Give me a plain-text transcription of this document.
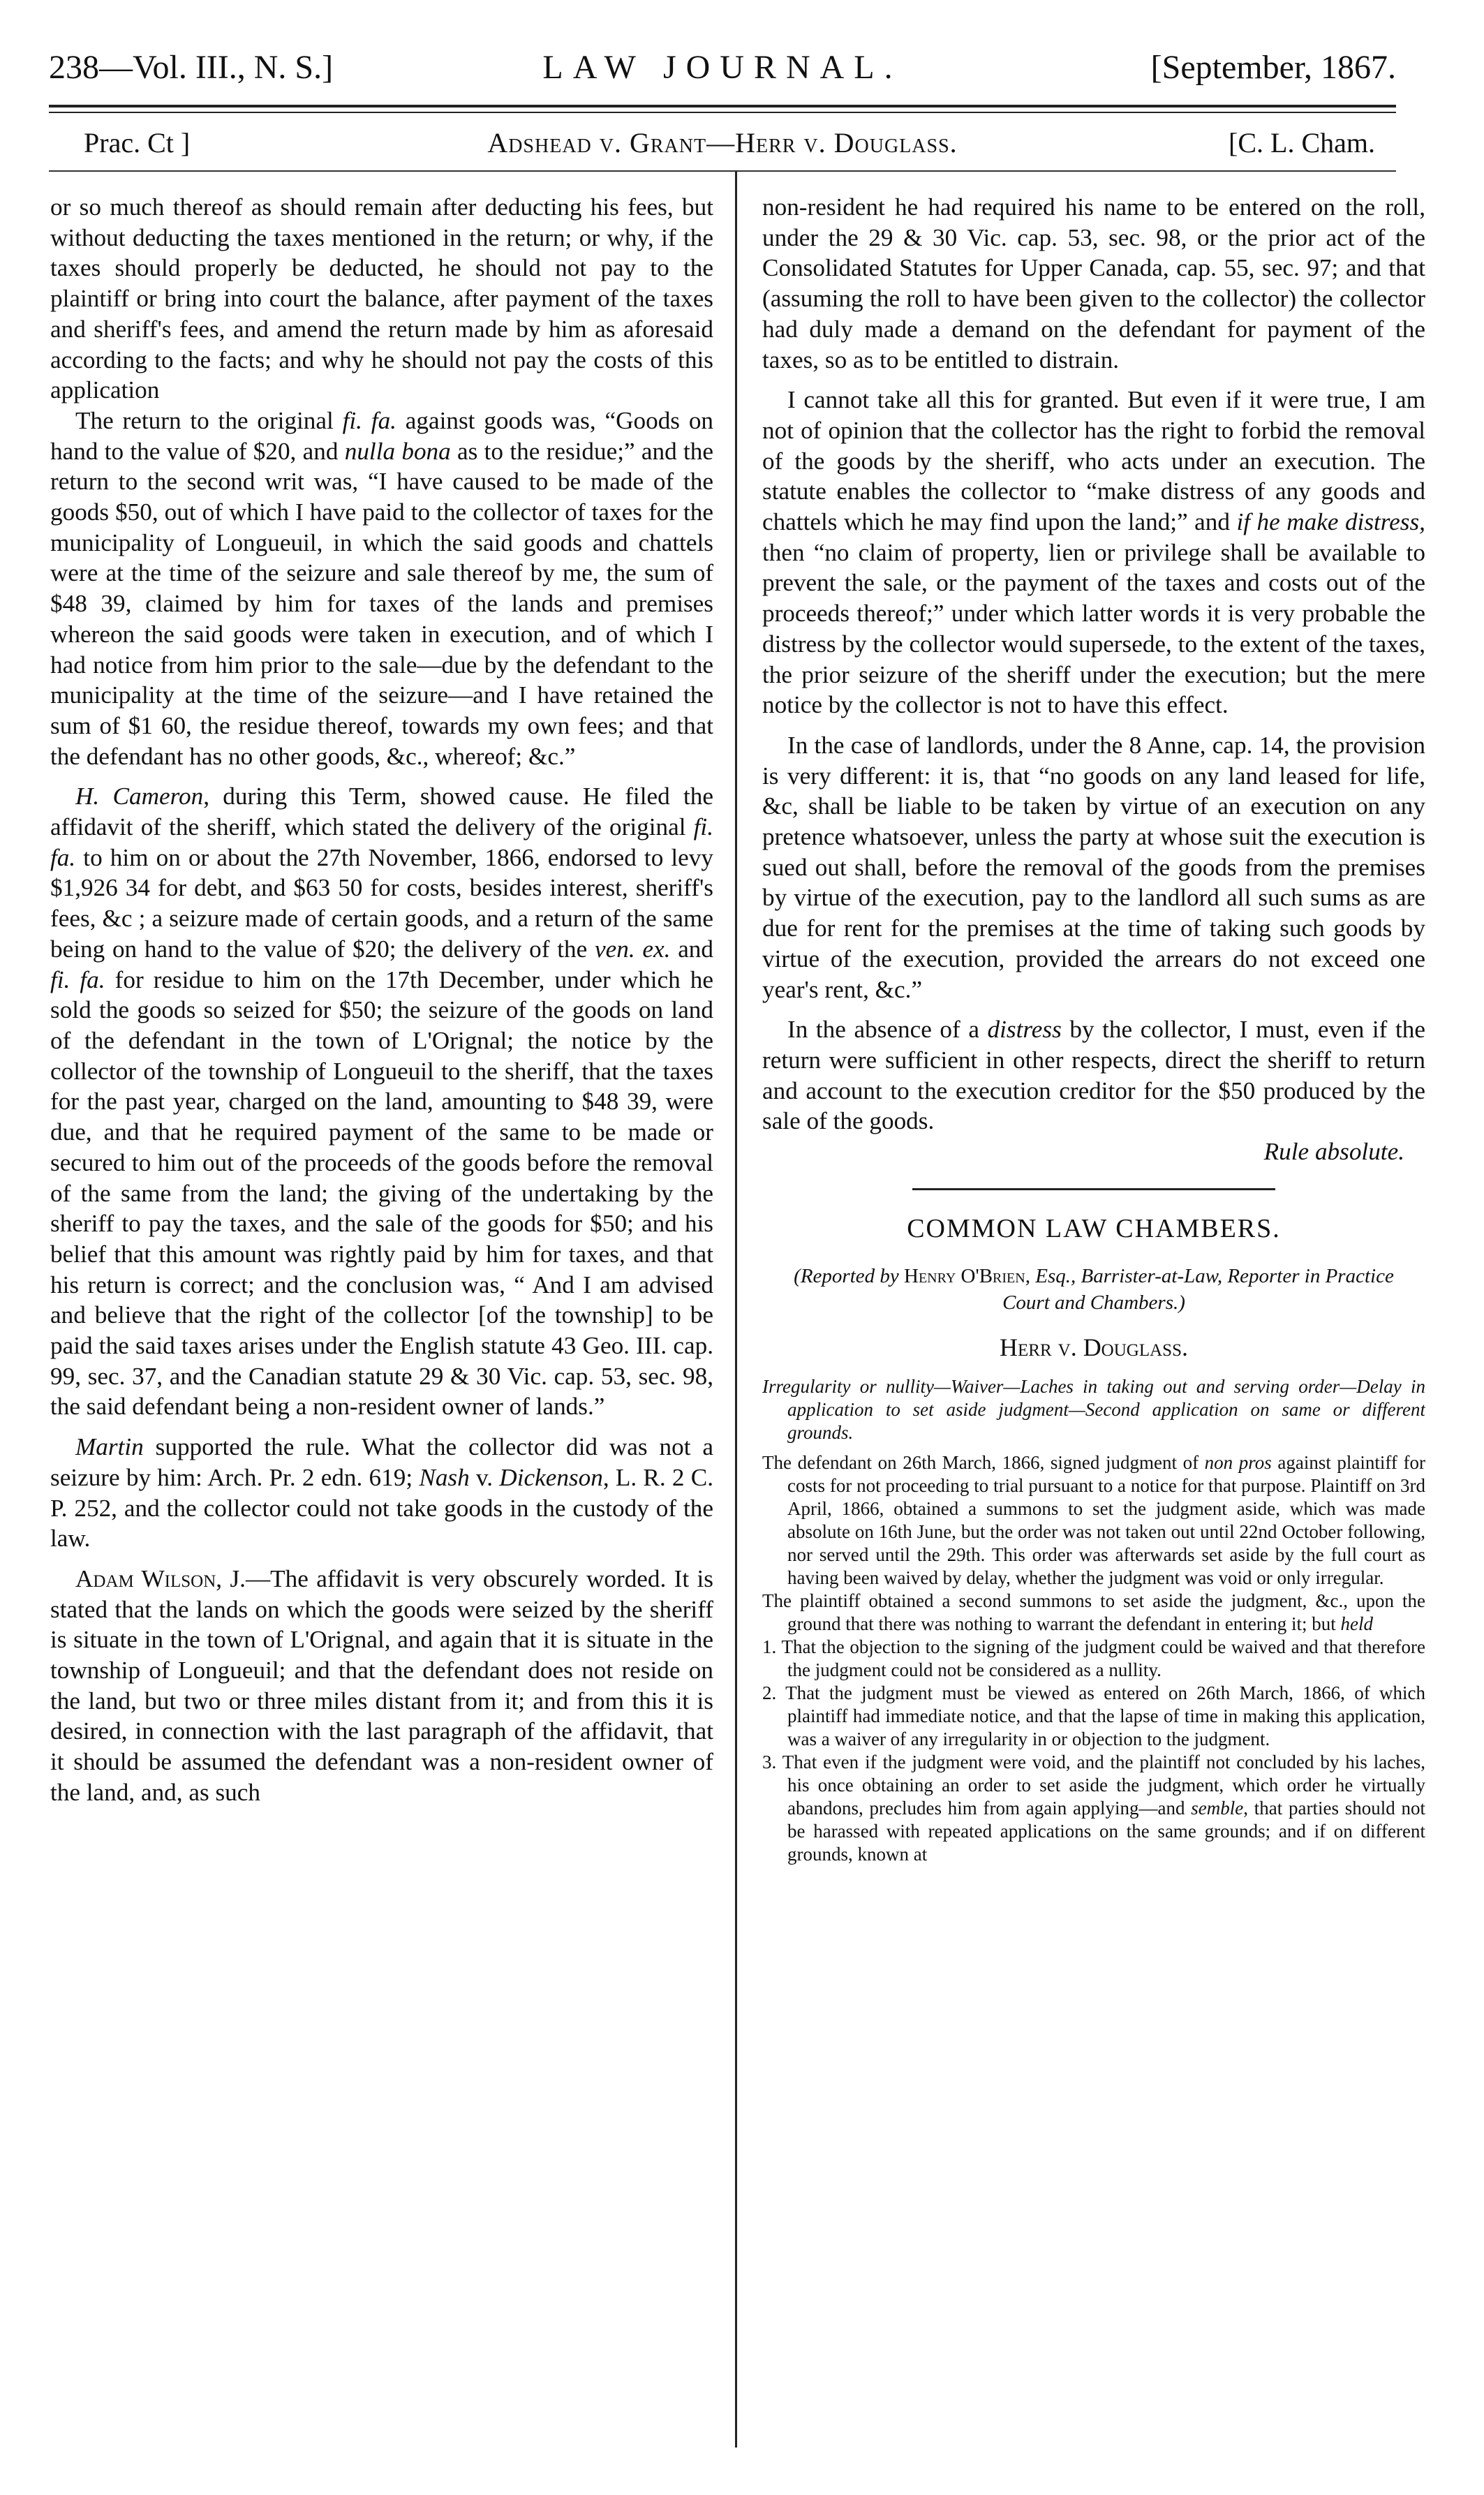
238—Vol. III., N. S.]	LAW JOURNAL.	[September, 1867.
Prac. Ct ]	Adshead v. Grant—Herr v. Douglass.	[C. L. Cham.

or so much thereof as should remain after deducting his fees, but without deducting the taxes mentioned in the return; or why, if the taxes should properly be deducted, he should not pay to the plaintiff or bring into court the balance, after payment of the taxes and sheriff's fees, and amend the return made by him as aforesaid according to the facts; and why he should not pay the costs of this application

The return to the original fi. fa. against goods was, “Goods on hand to the value of $20, and nulla bona as to the residue;” and the return to the second writ was, “I have caused to be made of the goods $50, out of which I have paid to the collector of taxes for the municipality of Longueuil, in which the said goods and chattels were at the time of the seizure and sale thereof by me, the sum of $48 39, claimed by him for taxes of the lands and premises whereon the said goods were taken in execution, and of which I had notice from him prior to the sale—due by the defendant to the municipality at the time of the seizure—and I have retained the sum of $1 60, the residue thereof, towards my own fees; and that the defendant has no other goods, &c., whereof; &c.”

H. Cameron, during this Term, showed cause. He filed the affidavit of the sheriff, which stated the delivery of the original fi. fa. to him on or about the 27th November, 1866, endorsed to levy $1,926 34 for debt, and $63 50 for costs, besides interest, sheriff's fees, &c ; a seizure made of certain goods, and a return of the same being on hand to the value of $20; the delivery of the ven. ex. and fi. fa. for residue to him on the 17th December, under which he sold the goods so seized for $50; the seizure of the goods on land of the defendant in the town of L'Orignal; the notice by the collector of the township of Longueuil to the sheriff, that the taxes for the past year, charged on the land, amounting to $48 39, were due, and that he required payment of the same to be made or secured to him out of the proceeds of the goods before the removal of the same from the land; the giving of the undertaking by the sheriff to pay the taxes, and the sale of the goods for $50; and his belief that this amount was rightly paid by him for taxes, and that his return is correct; and the conclusion was, “ And I am advised and believe that the right of the collector [of the township] to be paid the said taxes arises under the English statute 43 Geo. III. cap. 99, sec. 37, and the Canadian statute 29 & 30 Vic. cap. 53, sec. 98, the said defendant being a non-resident owner of lands.”

Martin supported the rule. What the collector did was not a seizure by him: Arch. Pr. 2 edn. 619; Nash v. Dickenson, L. R. 2 C. P. 252, and the collector could not take goods in the custody of the law.

Adam Wilson, J.—The affidavit is very obscurely worded. It is stated that the lands on which the goods were seized by the sheriff is situate in the town of L'Orignal, and again that it is situate in the township of Longueuil; and that the defendant does not reside on the land, but two or three miles distant from it; and from this it is desired, in connection with the last paragraph of the affidavit, that it should be assumed the defendant was a non-resident owner of the land, and, as such

non-resident he had required his name to be entered on the roll, under the 29 & 30 Vic. cap. 53, sec. 98, or the prior act of the Consolidated Statutes for Upper Canada, cap. 55, sec. 97; and that (assuming the roll to have been given to the collector) the collector had duly made a demand on the defendant for payment of the taxes, so as to be entitled to distrain.

I cannot take all this for granted. But even if it were true, I am not of opinion that the collector has the right to forbid the removal of the goods by the sheriff, who acts under an execution. The statute enables the collector to “make distress of any goods and chattels which he may find upon the land;” and if he make distress, then “no claim of property, lien or privilege shall be available to prevent the sale, or the payment of the taxes and costs out of the proceeds thereof;” under which latter words it is very probable the distress by the collector would supersede, to the extent of the taxes, the prior seizure of the sheriff under the execution; but the mere notice by the collector is not to have this effect.

In the case of landlords, under the 8 Anne, cap. 14, the provision is very different: it is, that “no goods on any land leased for life, &c, shall be liable to be taken by virtue of an execution on any pretence whatsoever, unless the party at whose suit the execution is sued out shall, before the removal of the goods from the premises by virtue of the execution, pay to the landlord all such sums as are due for rent for the premises at the time of taking such goods by virtue of the execution, provided the arrears do not exceed one year's rent, &c.”

In the absence of a distress by the collector, I must, even if the return were sufficient in other respects, direct the sheriff to return and account to the execution creditor for the $50 produced by the sale of the goods.

Rule absolute.

COMMON LAW CHAMBERS.

(Reported by Henry O'Brien, Esq., Barrister-at-Law, Reporter in Practice Court and Chambers.)

Herr v. Douglass.

Irregularity or nullity—Waiver—Laches in taking out and serving order—Delay in application to set aside judgment—Second application on same or different grounds.

The defendant on 26th March, 1866, signed judgment of non pros against plaintiff for costs for not proceeding to trial pursuant to a notice for that purpose. Plaintiff on 3rd April, 1866, obtained a summons to set the judgment aside, which was made absolute on 16th June, but the order was not taken out until 22nd October following, nor served until the 29th. This order was afterwards set aside by the full court as having been waived by delay, whether the judgment was void or only irregular.

The plaintiff obtained a second summons to set aside the judgment, &c., upon the ground that there was nothing to warrant the defendant in entering it; but held

1. That the objection to the signing of the judgment could be waived and that therefore the judgment could not be considered as a nullity.

2. That the judgment must be viewed as entered on 26th March, 1866, of which plaintiff had immediate notice, and that the lapse of time in making this application, was a waiver of any irregularity in or objection to the judgment.

3. That even if the judgment were void, and the plaintiff not concluded by his laches, his once obtaining an order to set aside the judgment, which order he virtually abandons, precludes him from again applying—and semble, that parties should not be harassed with repeated applications on the same grounds; and if on different grounds, known at
